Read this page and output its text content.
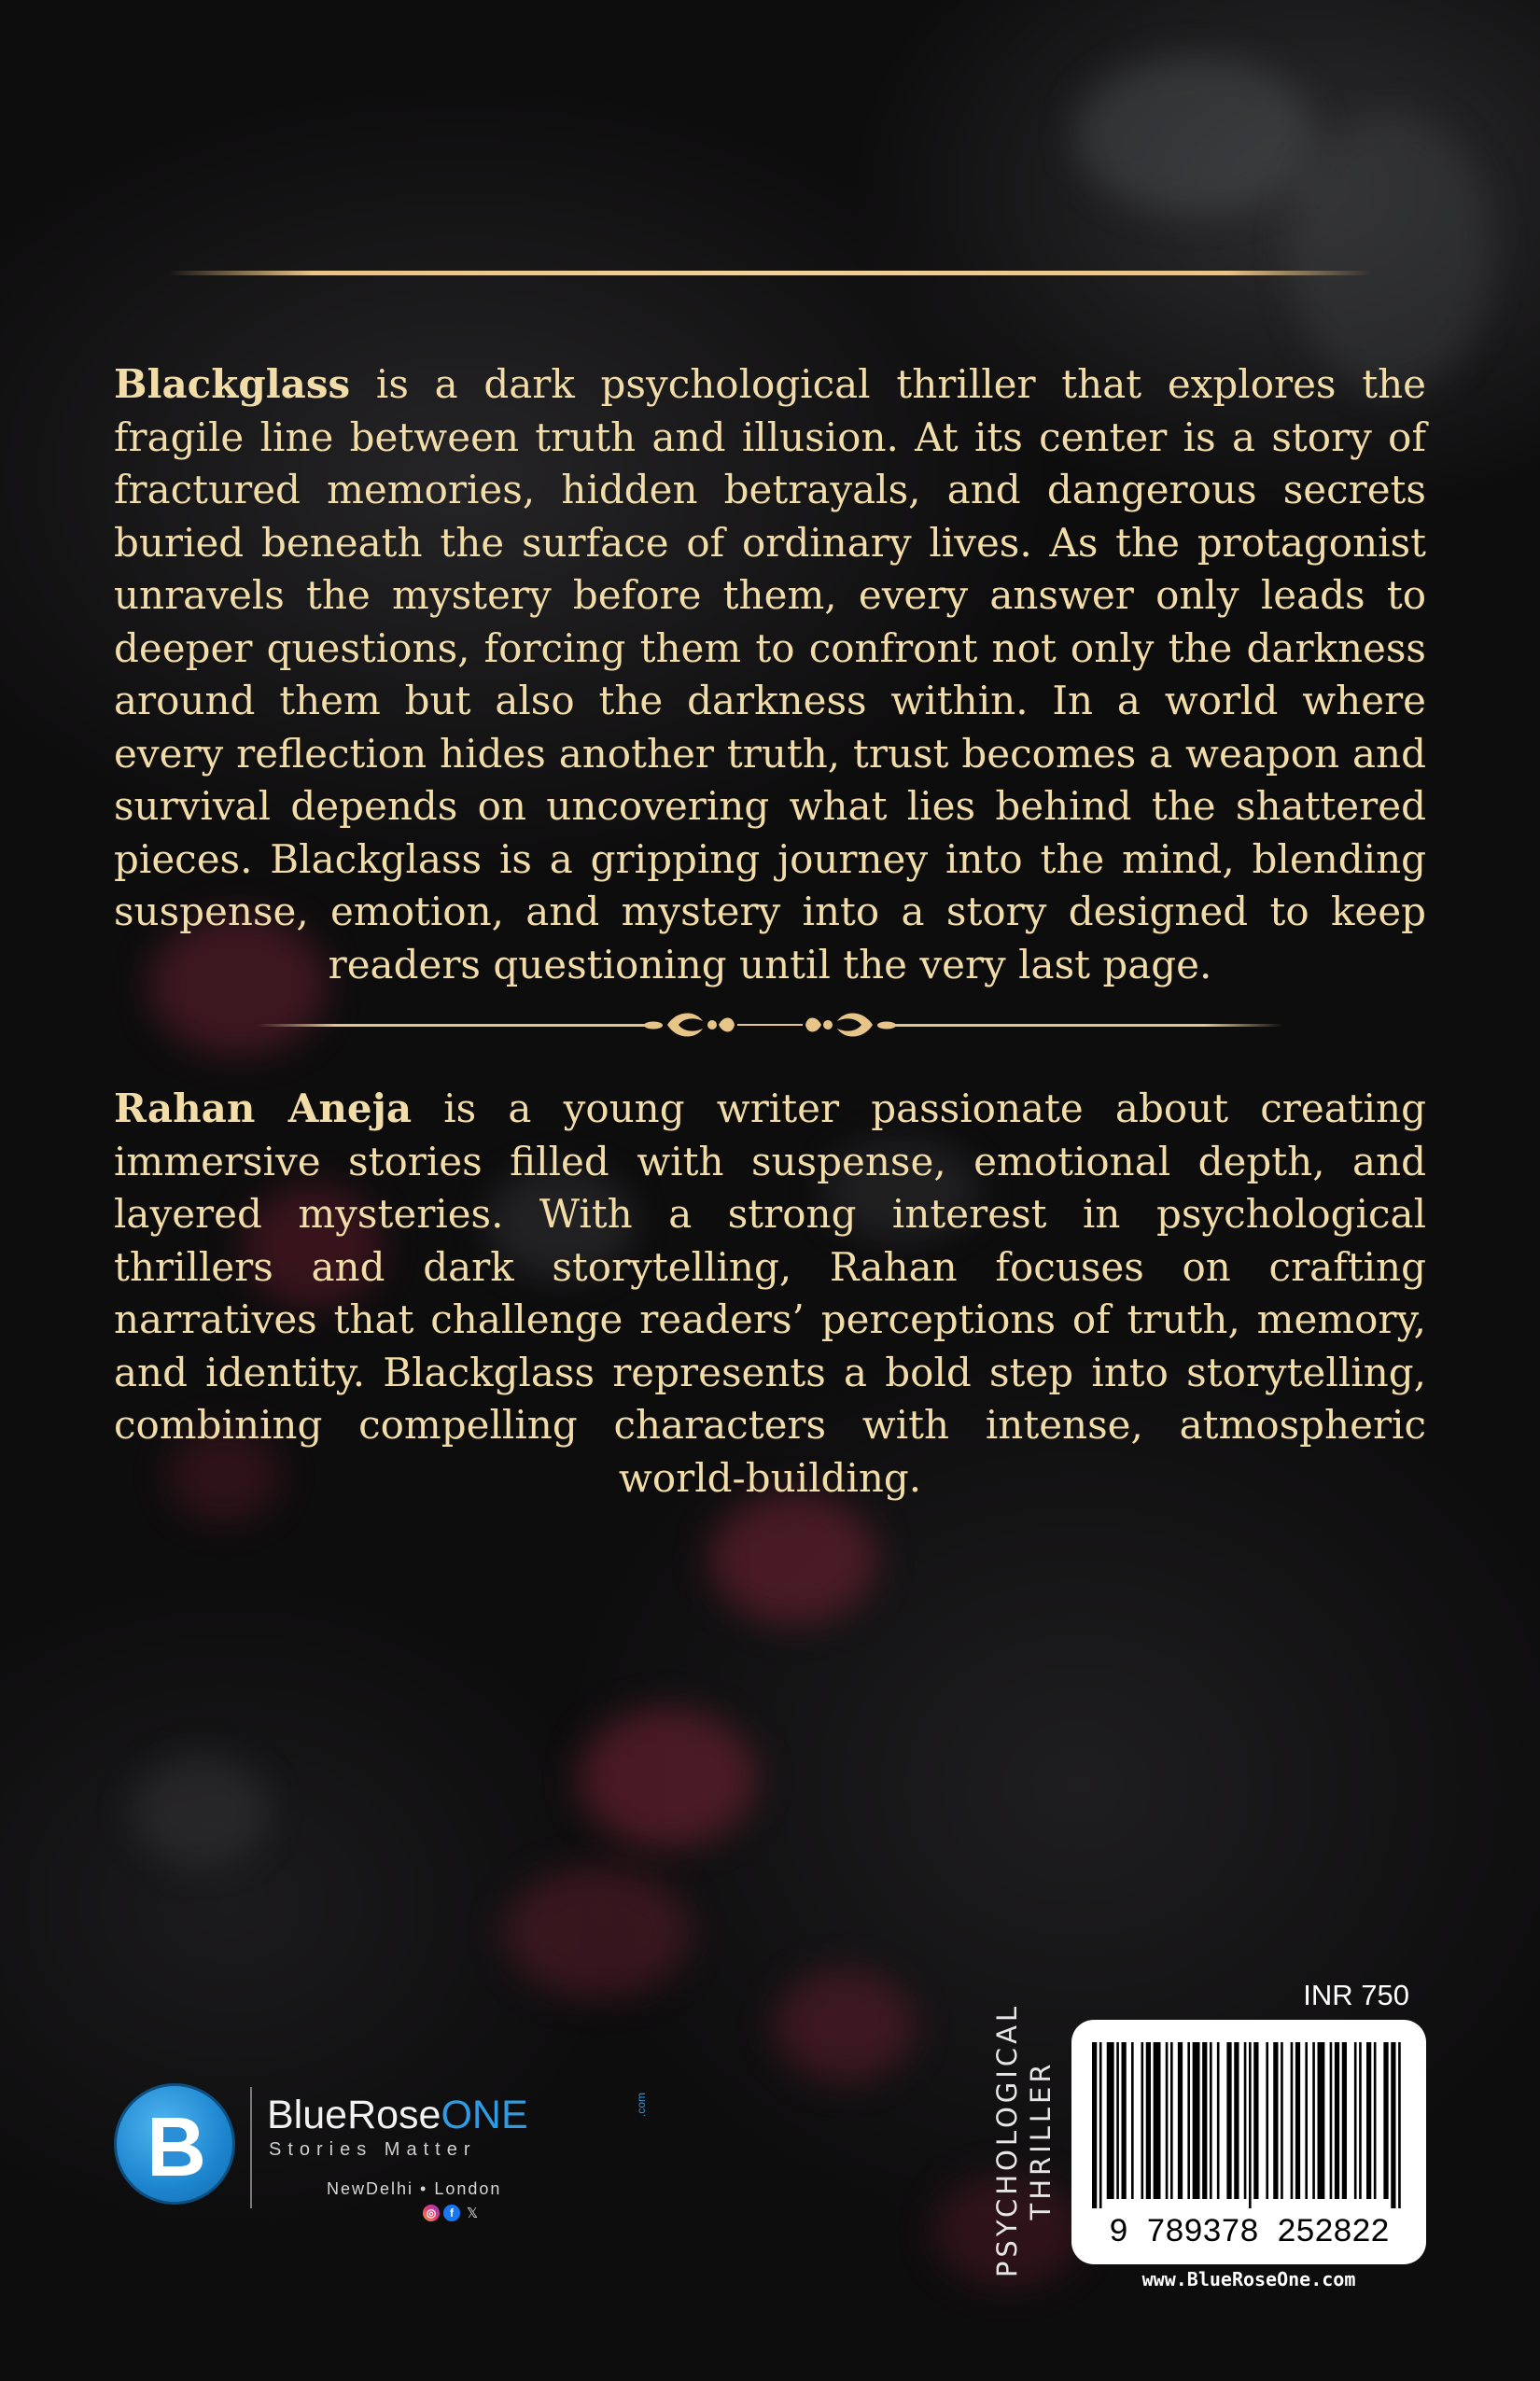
Blackglass is a dark psychological thriller that explores the fragile line between truth and illusion. At its center is a story of fractured memories, hidden betrayals, and dangerous secrets buried beneath the surface of ordinary lives. As the protagonist unravels the mystery before them, every answer only leads to deeper questions, forcing them to confront not only the darkness around them but also the darkness within. In a world where every reflection hides another truth, trust becomes a weapon and survival depends on uncovering what lies behind the shattered pieces. Blackglass is a gripping journey into the mind, blending suspense, emotion, and mystery into a story designed to keep readers questioning until the very last page.

Rahan Aneja is a young writer passionate about creating immersive stories filled with suspense, emotional depth, and layered mysteries. With a strong interest in psychological thrillers and dark storytelling, Rahan focuses on crafting narratives that challenge readers’ perceptions of truth, memory, and identity. Blackglass represents a bold step into storytelling, combining compelling characters with intense, atmospheric world-building.

BlueRoseONE	.com
Stories Matter
NewDelhi • London
◎	f 𝕏	PSYCHOLOGICAL
THRILLER
INR 750
9 789378 252822
www.BlueRoseOne.com
